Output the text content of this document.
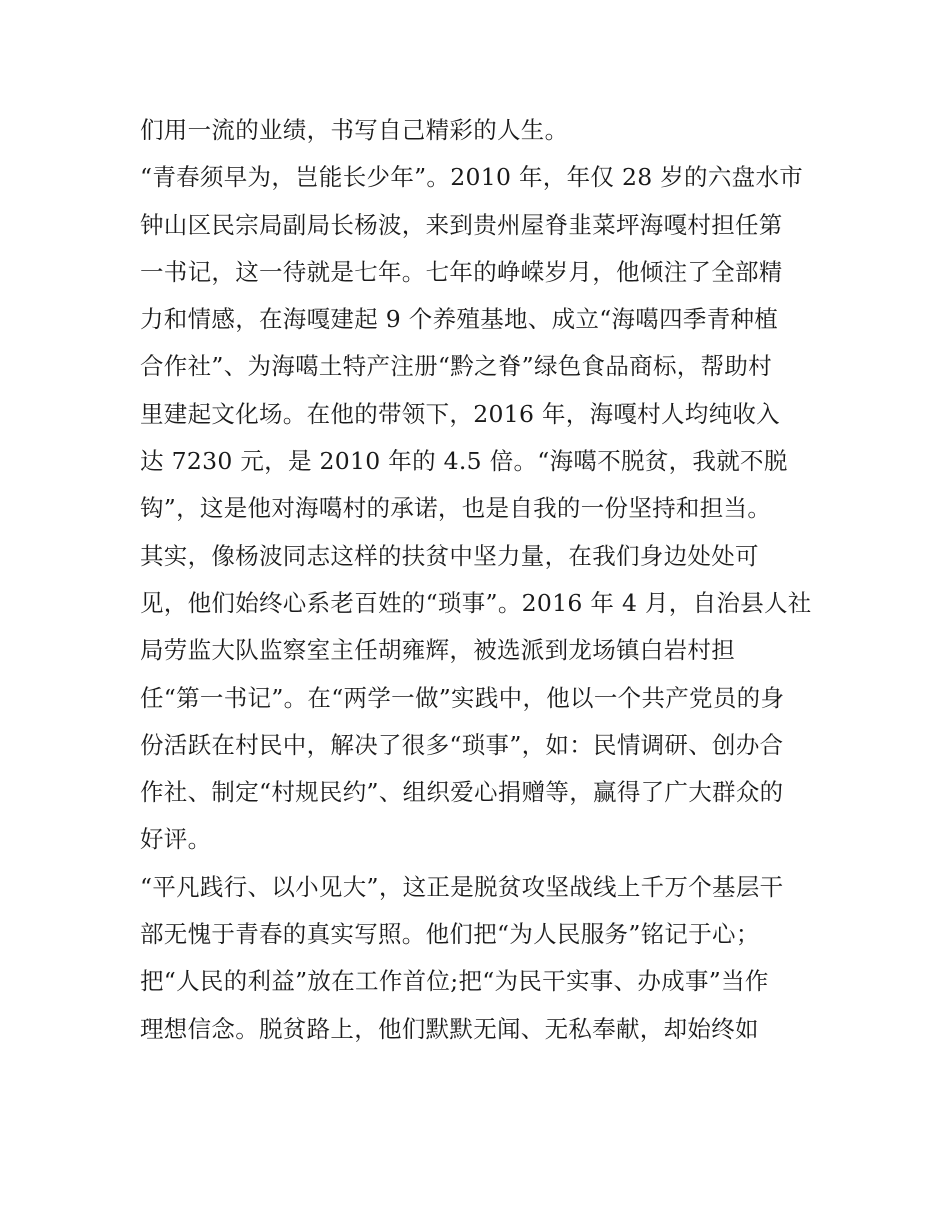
们用一流的业绩，书写自己精彩的人生。
“青春须早为，岂能长少年”。2010 年，年仅 28 岁的六盘水市
钟山区民宗局副局长杨波，来到贵州屋脊韭菜坪海嘎村担任第
一书记，这一待就是七年。七年的峥嵘岁月，他倾注了全部精
力和情感，在海嘎建起 9 个养殖基地、成立“海噶四季青种植
合作社”、为海噶土特产注册“黔之脊”绿色食品商标，帮助村
里建起文化场。在他的带领下，2016 年，海嘎村人均纯收入
达 7230 元，是 2010 年的 4.5 倍。“海噶不脱贫，我就不脱
钩”，这是他对海噶村的承诺，也是自我的一份坚持和担当。
其实，像杨波同志这样的扶贫中坚力量，在我们身边处处可
见，他们始终心系老百姓的“琐事”。2016 年 4 月，自治县人社
局劳监大队监察室主任胡雍辉，被选派到龙场镇白岩村担
任“第一书记”。在“两学一做”实践中，他以一个共产党员的身
份活跃在村民中，解决了很多“琐事”，如：民情调研、创办合
作社、制定“村规民约”、组织爱心捐赠等，赢得了广大群众的
好评。
“平凡践行、以小见大”，这正是脱贫攻坚战线上千万个基层干
部无愧于青春的真实写照。他们把“为人民服务”铭记于心；
把“人民的利益”放在工作首位;把“为民干实事、办成事”当作
理想信念。脱贫路上，他们默默无闻、无私奉献，却始终如
